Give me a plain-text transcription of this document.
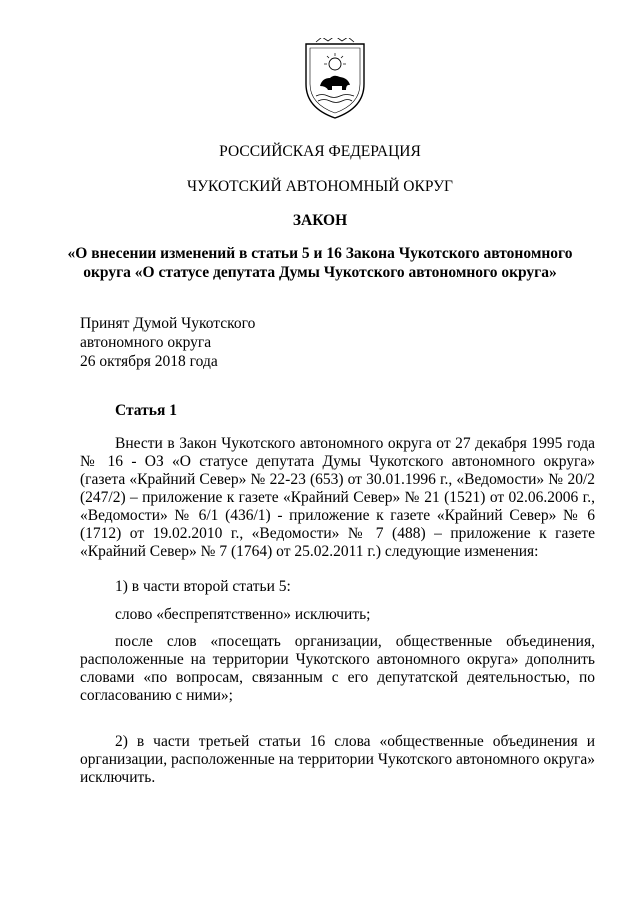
РОССИЙСКАЯ ФЕДЕРАЦИЯ
ЧУКОТСКИЙ АВТОНОМНЫЙ ОКРУГ
ЗАКОН
«О внесении изменений в статьи 5 и 16 Закона Чукотского автономного
округа «О статусе депутата Думы Чукотского автономного округа»
Принят Думой Чукотского
автономного округа
26 октября 2018 года
Статья 1

Внести в Закон Чукотского автономного округа от 27 декабря 1995 года № 16 - ОЗ «О статусе депутата Думы Чукотского автономного округа» (газета «Крайний Север» № 22-23 (653) от 30.01.1996 г., «Ведомости» № 20/2 (247/2) – приложение к газете «Крайний Север» № 21 (1521) от 02.06.2006 г., «Ведомости» № 6/1 (436/1) - приложение к газете «Крайний Север» № 6 (1712) от 19.02.2010 г., «Ведомости» № 7 (488) – приложение к газете «Крайний Север» № 7 (1764) от 25.02.2011 г.) следующие изменения:

1) в части второй статьи 5:

слово «беспрепятственно» исключить;

после слов «посещать организации, общественные объединения, расположенные на территории Чукотского автономного округа» дополнить словами «по вопросам, связанным с его депутатской деятельностью, по согласованию с ними»;

2) в части третьей статьи 16 слова «общественные объединения и организации, расположенные на территории Чукотского автономного округа» исключить.
